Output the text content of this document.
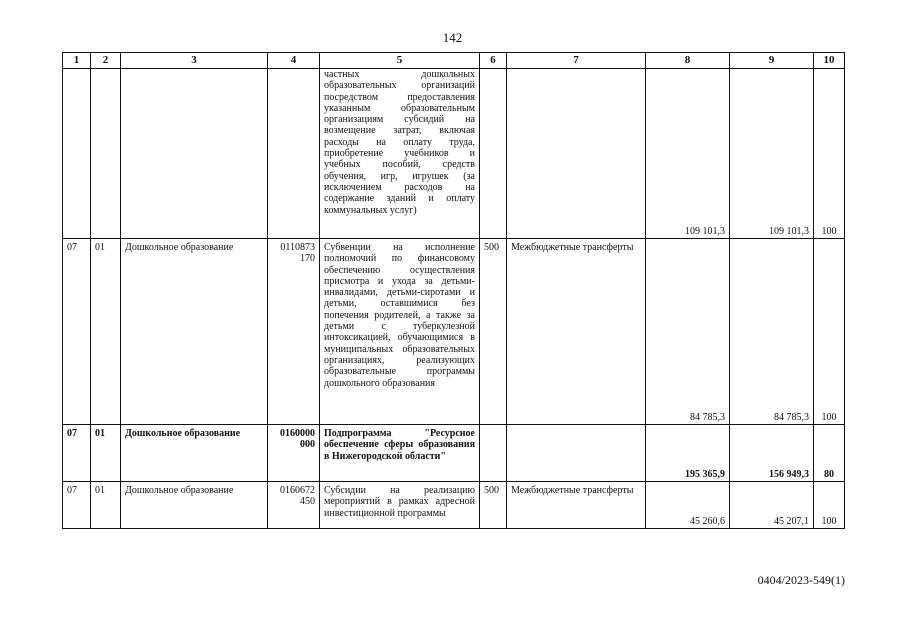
142
1	2	3	4	5	6	7	8	9	10
				частных дошкольных образовательных организаций посредством предоставления указанным образовательным организациям субсидий на возмещение затрат, включая расходы на оплату труда, приобретение учебников и учебных пособий, средств обучения, игр, игрушек (за исключением расходов на содержание зданий и оплату коммунальных услуг)			109 101,3	109 101,3	100
07	01	Дошкольное образование	0110873 170	Субвенции на исполнение полномочий по финансовому обеспечению осуществления присмотра и ухода за детьми-инвалидами, детьми-сиротами и детьми, оставшимися без попечения родителей, а также за детьми с туберкулезной интоксикацией, обучающимися в муниципальных образовательных организациях, реализующих образовательные программы дошкольного образования	500	Межбюджетные трансферты	84 785,3	84 785,3	100
07	01	Дошкольное образование	0160000 000	Подпрограмма "Ресурсное обеспечение сферы образования в Нижегородской области"			195 365,9	156 949,3	80
07	01	Дошкольное образование	0160672 450	Субсидии на реализацию мероприятий в рамках адресной инвестиционной программы	500	Межбюджетные трансферты	45 260,6	45 207,1	100
0404/2023-549(1)
